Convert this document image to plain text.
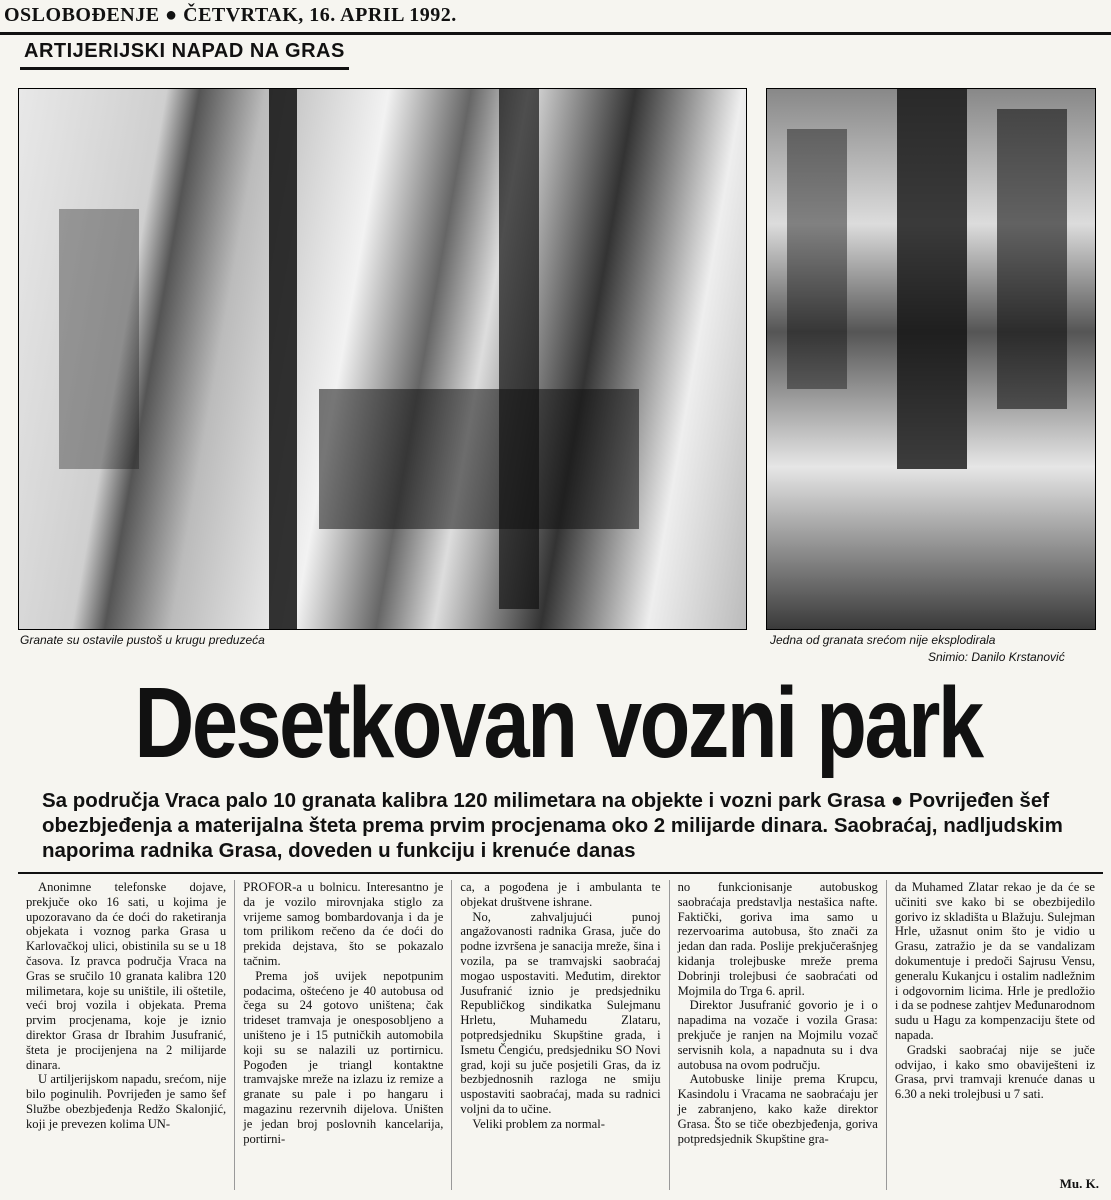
OSLOBOĐENJE ● ČETVRTAK, 16. APRIL 1992.
ARTIJERIJSKI NAPAD NA GRAS
Granate su ostavile pustoš u krugu preduzeća	Jedna od granata srećom nije eksplodirala
Snimio: Danilo Krstanović
Desetkovan vozni park
Sa područja Vraca palo 10 granata kalibra 120 milimetara na objekte i vozni park Grasa ● Povrijeđen šef obezbjeđenja a materijalna šteta prema prvim procjenama oko 2 milijarde dinara. Saobraćaj, nadljudskim naporima radnika Grasa, doveden u funkciju i krenuće danas

Anonimne telefonske dojave, prekjuče oko 16 sati, u kojima je upozoravano da će doći do raketiranja objekata i voznog parka Grasa u Karlovačkoj ulici, obistinila su se u 18 časova. Iz pravca područja Vraca na Gras se sručilo 10 granata kalibra 120 milimetara, koje su uništile, ili oštetile, veći broj vozila i objekata. Prema prvim procjenama, koje je iznio direktor Grasa dr Ibrahim Jusufranić, šteta je procijenjena na 2 milijarde dinara.

U artiljerijskom napadu, srećom, nije bilo poginulih. Povrijeđen je samo šef Službe obezbjeđenja Redžo Skalonjić, koji je prevezen kolima UN-

PROFOR-a u bolnicu. Interesantno je da je vozilo mirovnjaka stiglo za vrijeme samog bombardovanja i da je tom prilikom rečeno da će doći do prekida dejstava, što se pokazalo tačnim.

Prema još uvijek nepotpunim podacima, oštećeno je 40 autobusa od čega su 24 gotovo uništena; čak trideset tramvaja je onesposobljeno a uništeno je i 15 putničkih automobila koji su se nalazili uz portirnicu. Pogođen je triangl kontaktne tramvajske mreže na izlazu iz remize a granate su pale i po hangaru i magazinu rezervnih dijelova. Uništen je jedan broj poslovnih kancelarija, portirni-

ca, a pogođena je i ambulanta te objekat društvene ishrane.

No, zahvaljujući punoj angažovanosti radnika Grasa, juče do podne izvršena je sanacija mreže, šina i vozila, pa se tramvajski saobraćaj mogao uspostaviti. Međutim, direktor Jusufranić iznio je predsjedniku Republičkog sindikatka Sulejmanu Hrletu, Muhamedu Zlataru, potpredsjedniku Skupštine grada, i Ismetu Čengiću, predsjedniku SO Novi grad, koji su juče posjetili Gras, da iz bezbjednosnih razloga ne smiju uspostaviti saobraćaj, mada su radnici voljni da to učine.

Veliki problem za normal-

no funkcionisanje autobuskog saobraćaja predstavlja nestašica nafte. Faktički, goriva ima samo u rezervoarima autobusa, što znači za jedan dan rada. Poslije prekjučerašnjeg kidanja trolejbuske mreže prema Dobrinji trolejbusi će saobraćati od Mojmila do Trga 6. april.

Direktor Jusufranić govorio je i o napadima na vozače i vozila Grasa: prekjuče je ranjen na Mojmilu vozač servisnih kola, a napadnuta su i dva autobusa na ovom području.

Autobuske linije prema Krupcu, Kasindolu i Vracama ne saobraćaju jer je zabranjeno, kako kaže direktor Grasa. Što se tiče obezbjeđenja, goriva potpredsjednik Skupštine gra-

da Muhamed Zlatar rekao je da će se učiniti sve kako bi se obezbijedilo gorivo iz skladišta u Blažuju. Sulejman Hrle, užasnut onim što je vidio u Grasu, zatražio je da se vandalizam dokumentuje i predoči Sajrusu Vensu, generalu Kukanjcu i ostalim nadležnim i odgovornim licima. Hrle je predložio i da se podnese zahtjev Međunarodnom sudu u Hagu za kompenzaciju štete od napada.

Gradski saobraćaj nije se juče odvijao, i kako smo obaviješteni iz Grasa, prvi tramvaji krenuće danas u 6.30 a neki trolejbusi u 7 sati.

Mu. K.
